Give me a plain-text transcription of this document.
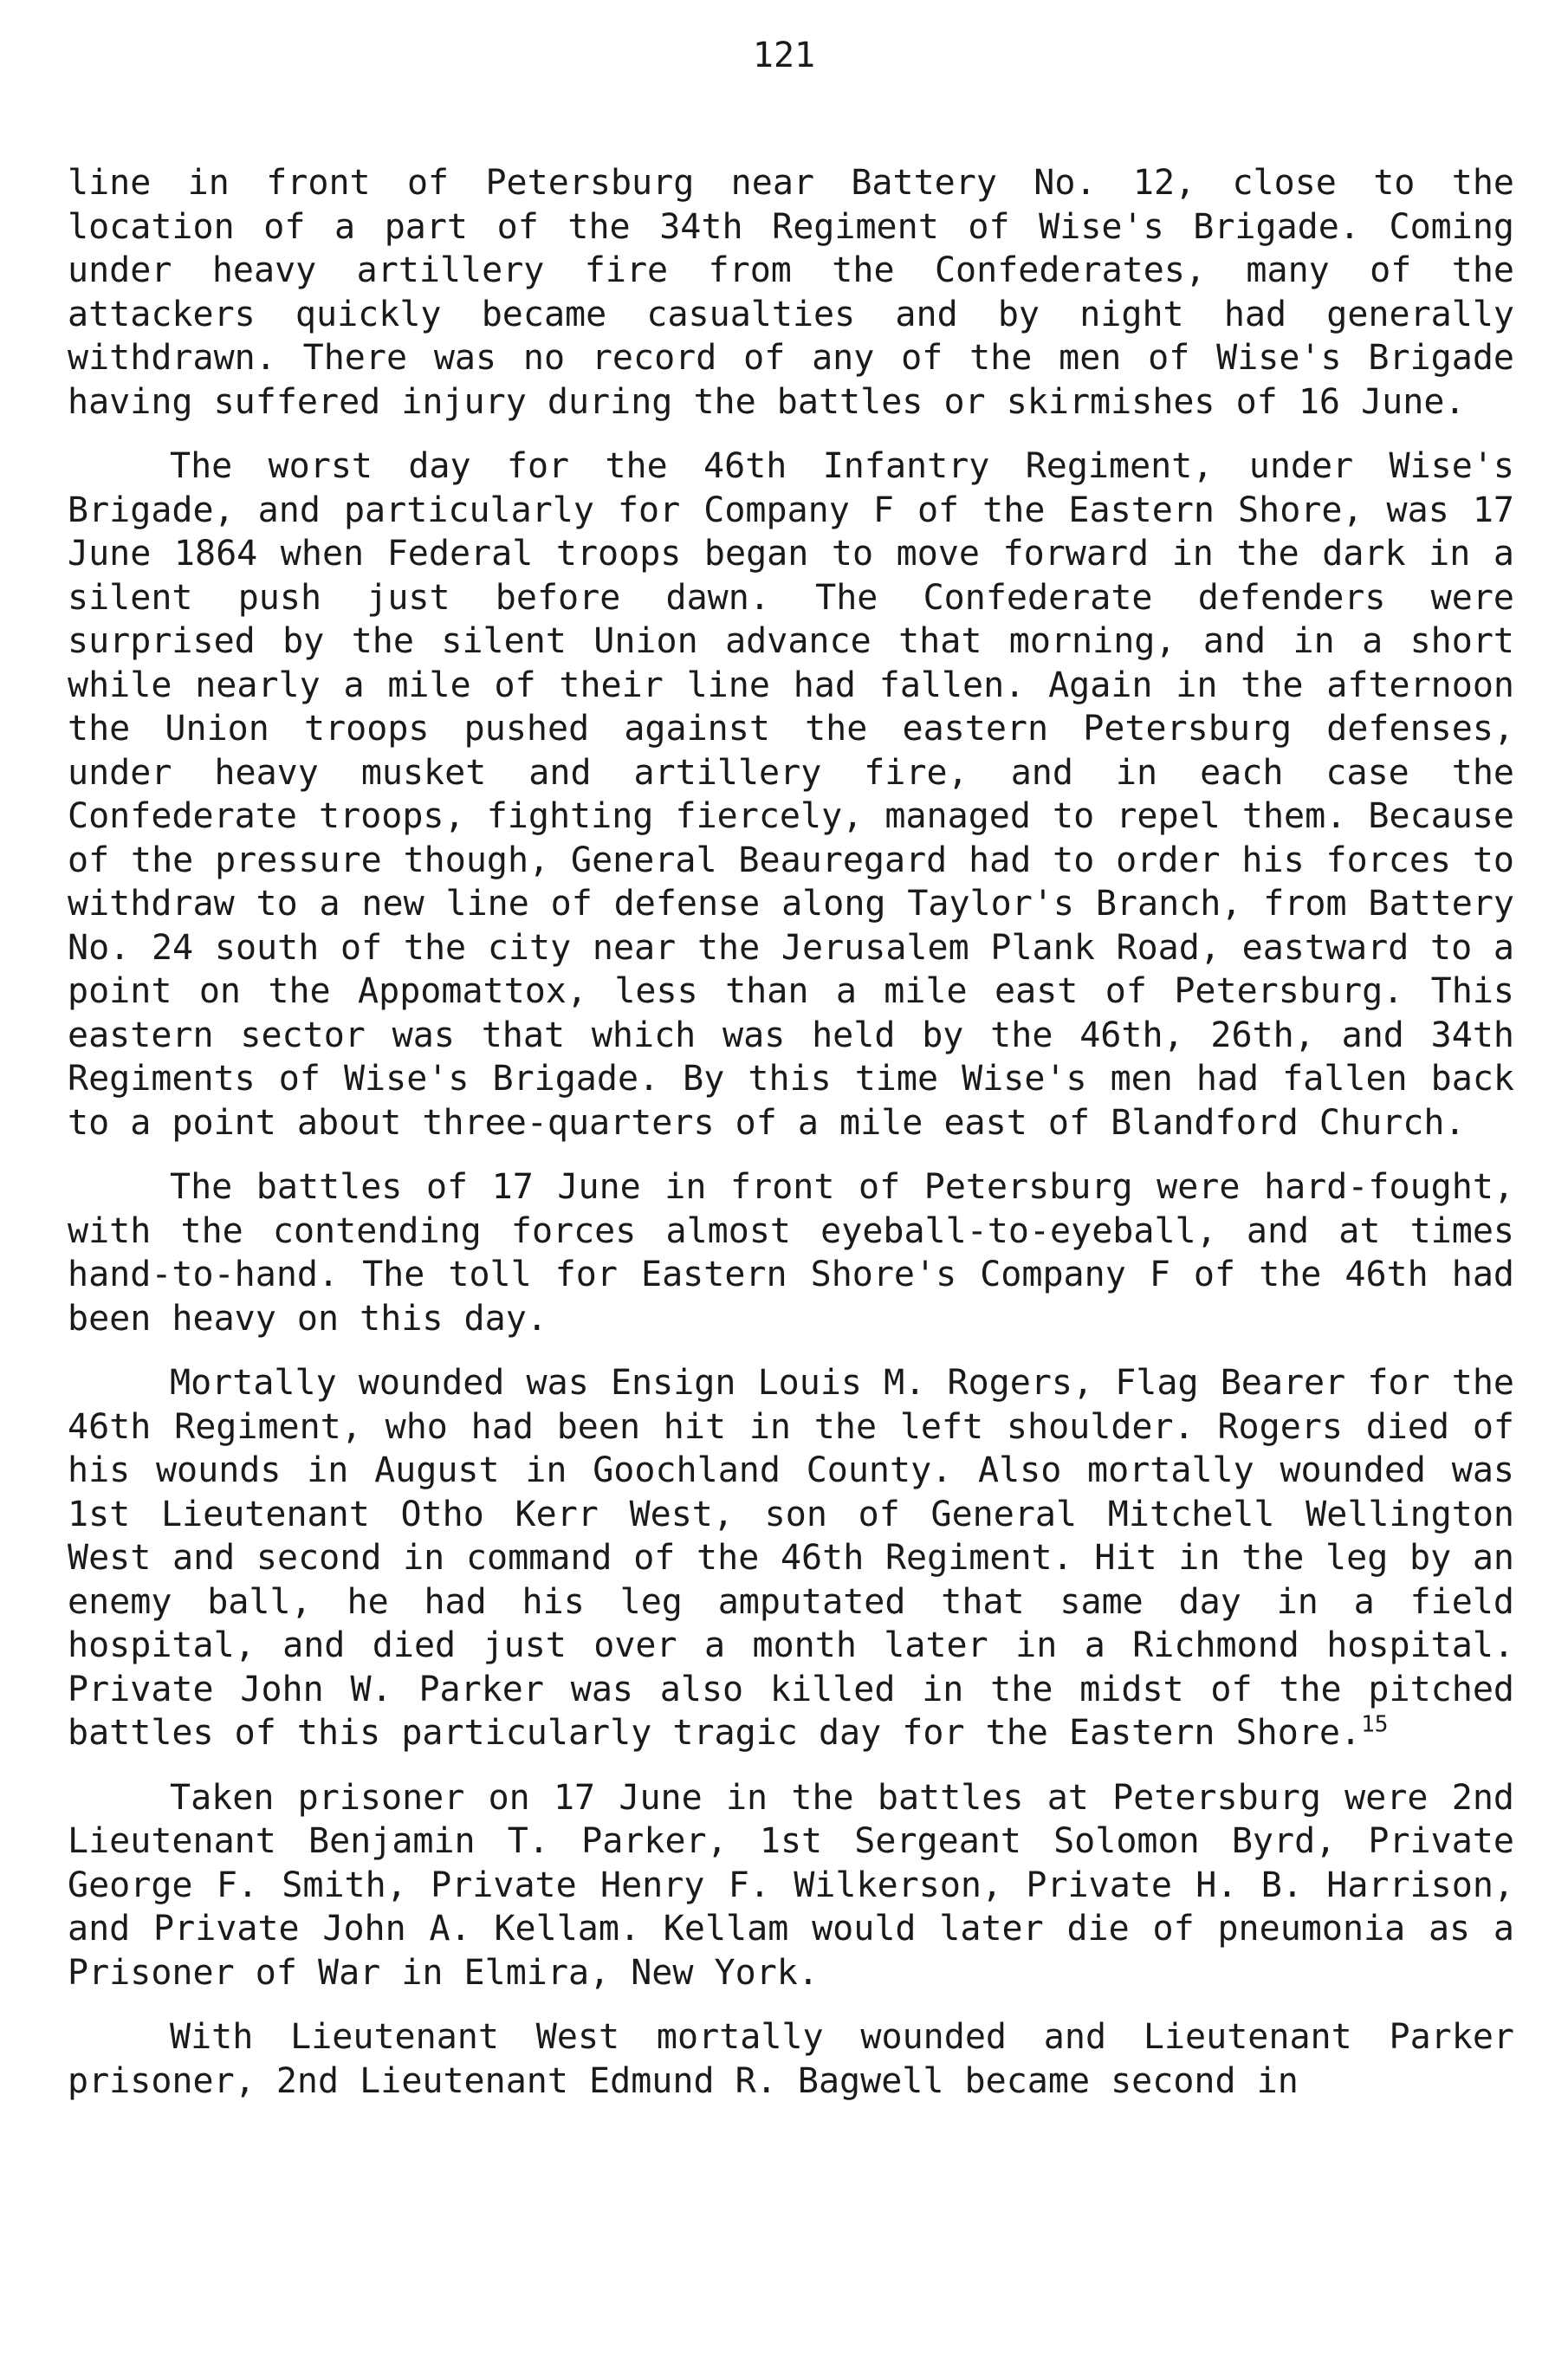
121

line in front of Petersburg near Battery No. 12, close to the location of a part of the 34th Regiment of Wise's Brigade. Coming under heavy artillery fire from the Confederates, many of the attackers quickly became casualties and by night had generally withdrawn. There was no record of any of the men of Wise's Brigade having suffered injury during the battles or skirmishes of 16 June.

The worst day for the 46th Infantry Regiment, under Wise's Brigade, and particularly for Company F of the Eastern Shore, was 17 June 1864 when Federal troops began to move forward in the dark in a silent push just before dawn. The Confederate defenders were surprised by the silent Union advance that morning, and in a short while nearly a mile of their line had fallen. Again in the afternoon the Union troops pushed against the eastern Petersburg defenses, under heavy musket and artillery fire, and in each case the Confederate troops, fighting fiercely, managed to repel them. Because of the pressure though, General Beauregard had to order his forces to withdraw to a new line of defense along Taylor's Branch, from Battery No. 24 south of the city near the Jerusalem Plank Road, eastward to a point on the Appomattox, less than a mile east of Petersburg. This eastern sector was that which was held by the 46th, 26th, and 34th Regiments of Wise's Brigade. By this time Wise's men had fallen back to a point about three-quarters of a mile east of Blandford Church.

The battles of 17 June in front of Petersburg were hard-fought, with the contending forces almost eyeball-to-eyeball, and at times hand-to-hand. The toll for Eastern Shore's Company F of the 46th had been heavy on this day.

Mortally wounded was Ensign Louis M. Rogers, Flag Bearer for the 46th Regiment, who had been hit in the left shoulder. Rogers died of his wounds in August in Goochland County. Also mortally wounded was 1st Lieutenant Otho Kerr West, son of General Mitchell Wellington West and second in command of the 46th Regiment. Hit in the leg by an enemy ball, he had his leg amputated that same day in a field hospital, and died just over a month later in a Richmond hospital. Private John W. Parker was also killed in the midst of the pitched battles of this particularly tragic day for the Eastern Shore.$^{15}$

Taken prisoner on 17 June in the battles at Petersburg were 2nd Lieutenant Benjamin T. Parker, 1st Sergeant Solomon Byrd, Private George F. Smith, Private Henry F. Wilkerson, Private H. B. Harrison, and Private John A. Kellam. Kellam would later die of pneumonia as a Prisoner of War in Elmira, New York.

With Lieutenant West mortally wounded and Lieutenant Parker prisoner, 2nd Lieutenant Edmund R. Bagwell became second in
